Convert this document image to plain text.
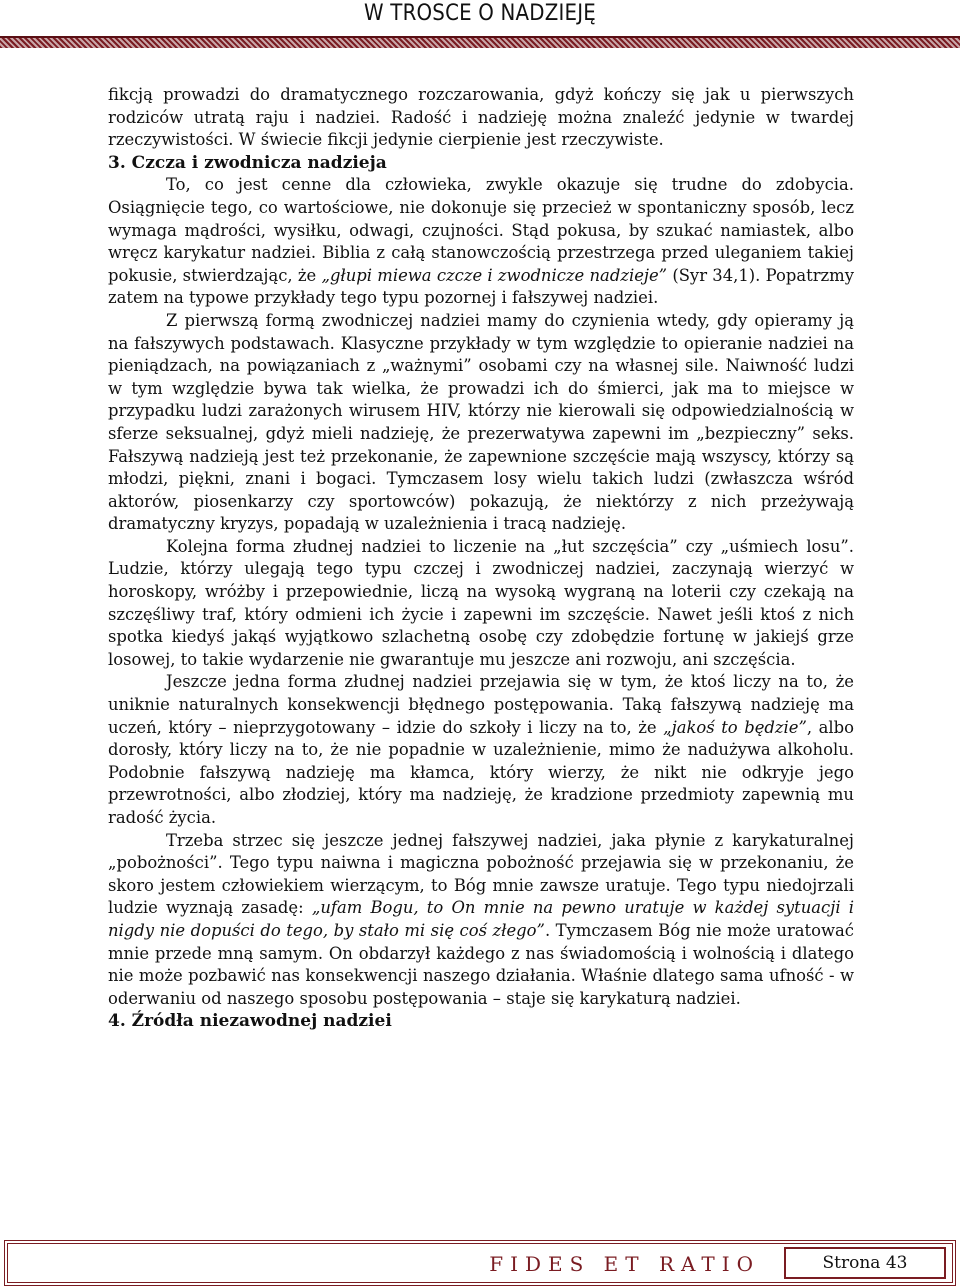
W TROSCE O NADZIEJĘ

fikcją prowadzi do dramatycznego rozczarowania, gdyż kończy się jak u pierwszych rodziców utratą raju i nadziei. Radość i nadzieję można znaleźć jedynie w twardej rzeczywistości. W świecie fikcji jedynie cierpienie jest rzeczywiste.

3. Czcza i zwodnicza nadzieja

To, co jest cenne dla człowieka, zwykle okazuje się trudne do zdobycia. Osiągnięcie tego, co wartościowe, nie dokonuje się przecież w spontaniczny sposób, lecz wymaga mądrości, wysiłku, odwagi, czujności. Stąd pokusa, by szukać namiastek, albo wręcz karykatur nadziei. Biblia z całą stanowczością przestrzega przed uleganiem takiej pokusie, stwierdzając, że „głupi miewa czcze i zwodnicze nadzieje” (Syr 34,1). Popatrzmy zatem na typowe przykłady tego typu pozornej i fałszywej nadziei.

Z pierwszą formą zwodniczej nadziei mamy do czynienia wtedy, gdy opieramy ją na fałszywych podstawach. Klasyczne przykłady w tym względzie to opieranie nadziei na pieniądzach, na powiązaniach z „ważnymi” osobami czy na własnej sile. Naiwność ludzi w tym względzie bywa tak wielka, że prowadzi ich do śmierci, jak ma to miejsce w przypadku ludzi zarażonych wirusem HIV, którzy nie kierowali się odpowiedzialnością w sferze seksualnej, gdyż mieli nadzieję, że prezerwatywa zapewni im „bezpieczny” seks. Fałszywą nadzieją jest też przekonanie, że zapewnione szczęście mają wszyscy, którzy są młodzi, piękni, znani i bogaci. Tymczasem losy wielu takich ludzi (zwłaszcza wśród aktorów, piosenkarzy czy sportowców) pokazują, że niektórzy z nich przeżywają dramatyczny kryzys, popadają w uzależnienia i tracą nadzieję.

Kolejna forma złudnej nadziei to liczenie na „łut szczęścia” czy „uśmiech losu”. Ludzie, którzy ulegają tego typu czczej i zwodniczej nadziei, zaczynają wierzyć w horoskopy, wróżby i przepowiednie, liczą na wysoką wygraną na loterii czy czekają na szczęśliwy traf, który odmieni ich życie i zapewni im szczęście. Nawet jeśli ktoś z nich spotka kiedyś jakąś wyjątkowo szlachetną osobę czy zdobędzie fortunę w jakiejś grze losowej, to takie wydarzenie nie gwarantuje mu jeszcze ani rozwoju, ani szczęścia.

Jeszcze jedna forma złudnej nadziei przejawia się w tym, że ktoś liczy na to, że uniknie naturalnych konsekwencji błędnego postępowania. Taką fałszywą nadzieję ma uczeń, który – nieprzygotowany – idzie do szkoły i liczy na to, że „jakoś to będzie”, albo dorosły, który liczy na to, że nie popadnie w uzależnienie, mimo że nadużywa alkoholu. Podobnie fałszywą nadzieję ma kłamca, który wierzy, że nikt nie odkryje jego przewrotności, albo złodziej, który ma nadzieję, że kradzione przedmioty zapewnią mu radość życia.

Trzeba strzec się jeszcze jednej fałszywej nadziei, jaka płynie z karykaturalnej „pobożności”. Tego typu naiwna i magiczna pobożność przejawia się w przekonaniu, że skoro jestem człowiekiem wierzącym, to Bóg mnie zawsze uratuje. Tego typu niedojrzali ludzie wyznają zasadę: „ufam Bogu, to On mnie na pewno uratuje w każdej sytuacji i nigdy nie dopuści do tego, by stało mi się coś złego”. Tymczasem Bóg nie może uratować mnie przede mną samym. On obdarzył każdego z nas świadomością i wolnością i dlatego nie może pozbawić nas konsekwencji naszego działania. Właśnie dlatego sama ufność - w oderwaniu od naszego sposobu postępowania – staje się karykaturą nadziei.

4. Źródła niezawodnej nadziei

FIDES ET RATIO	Strona 43
